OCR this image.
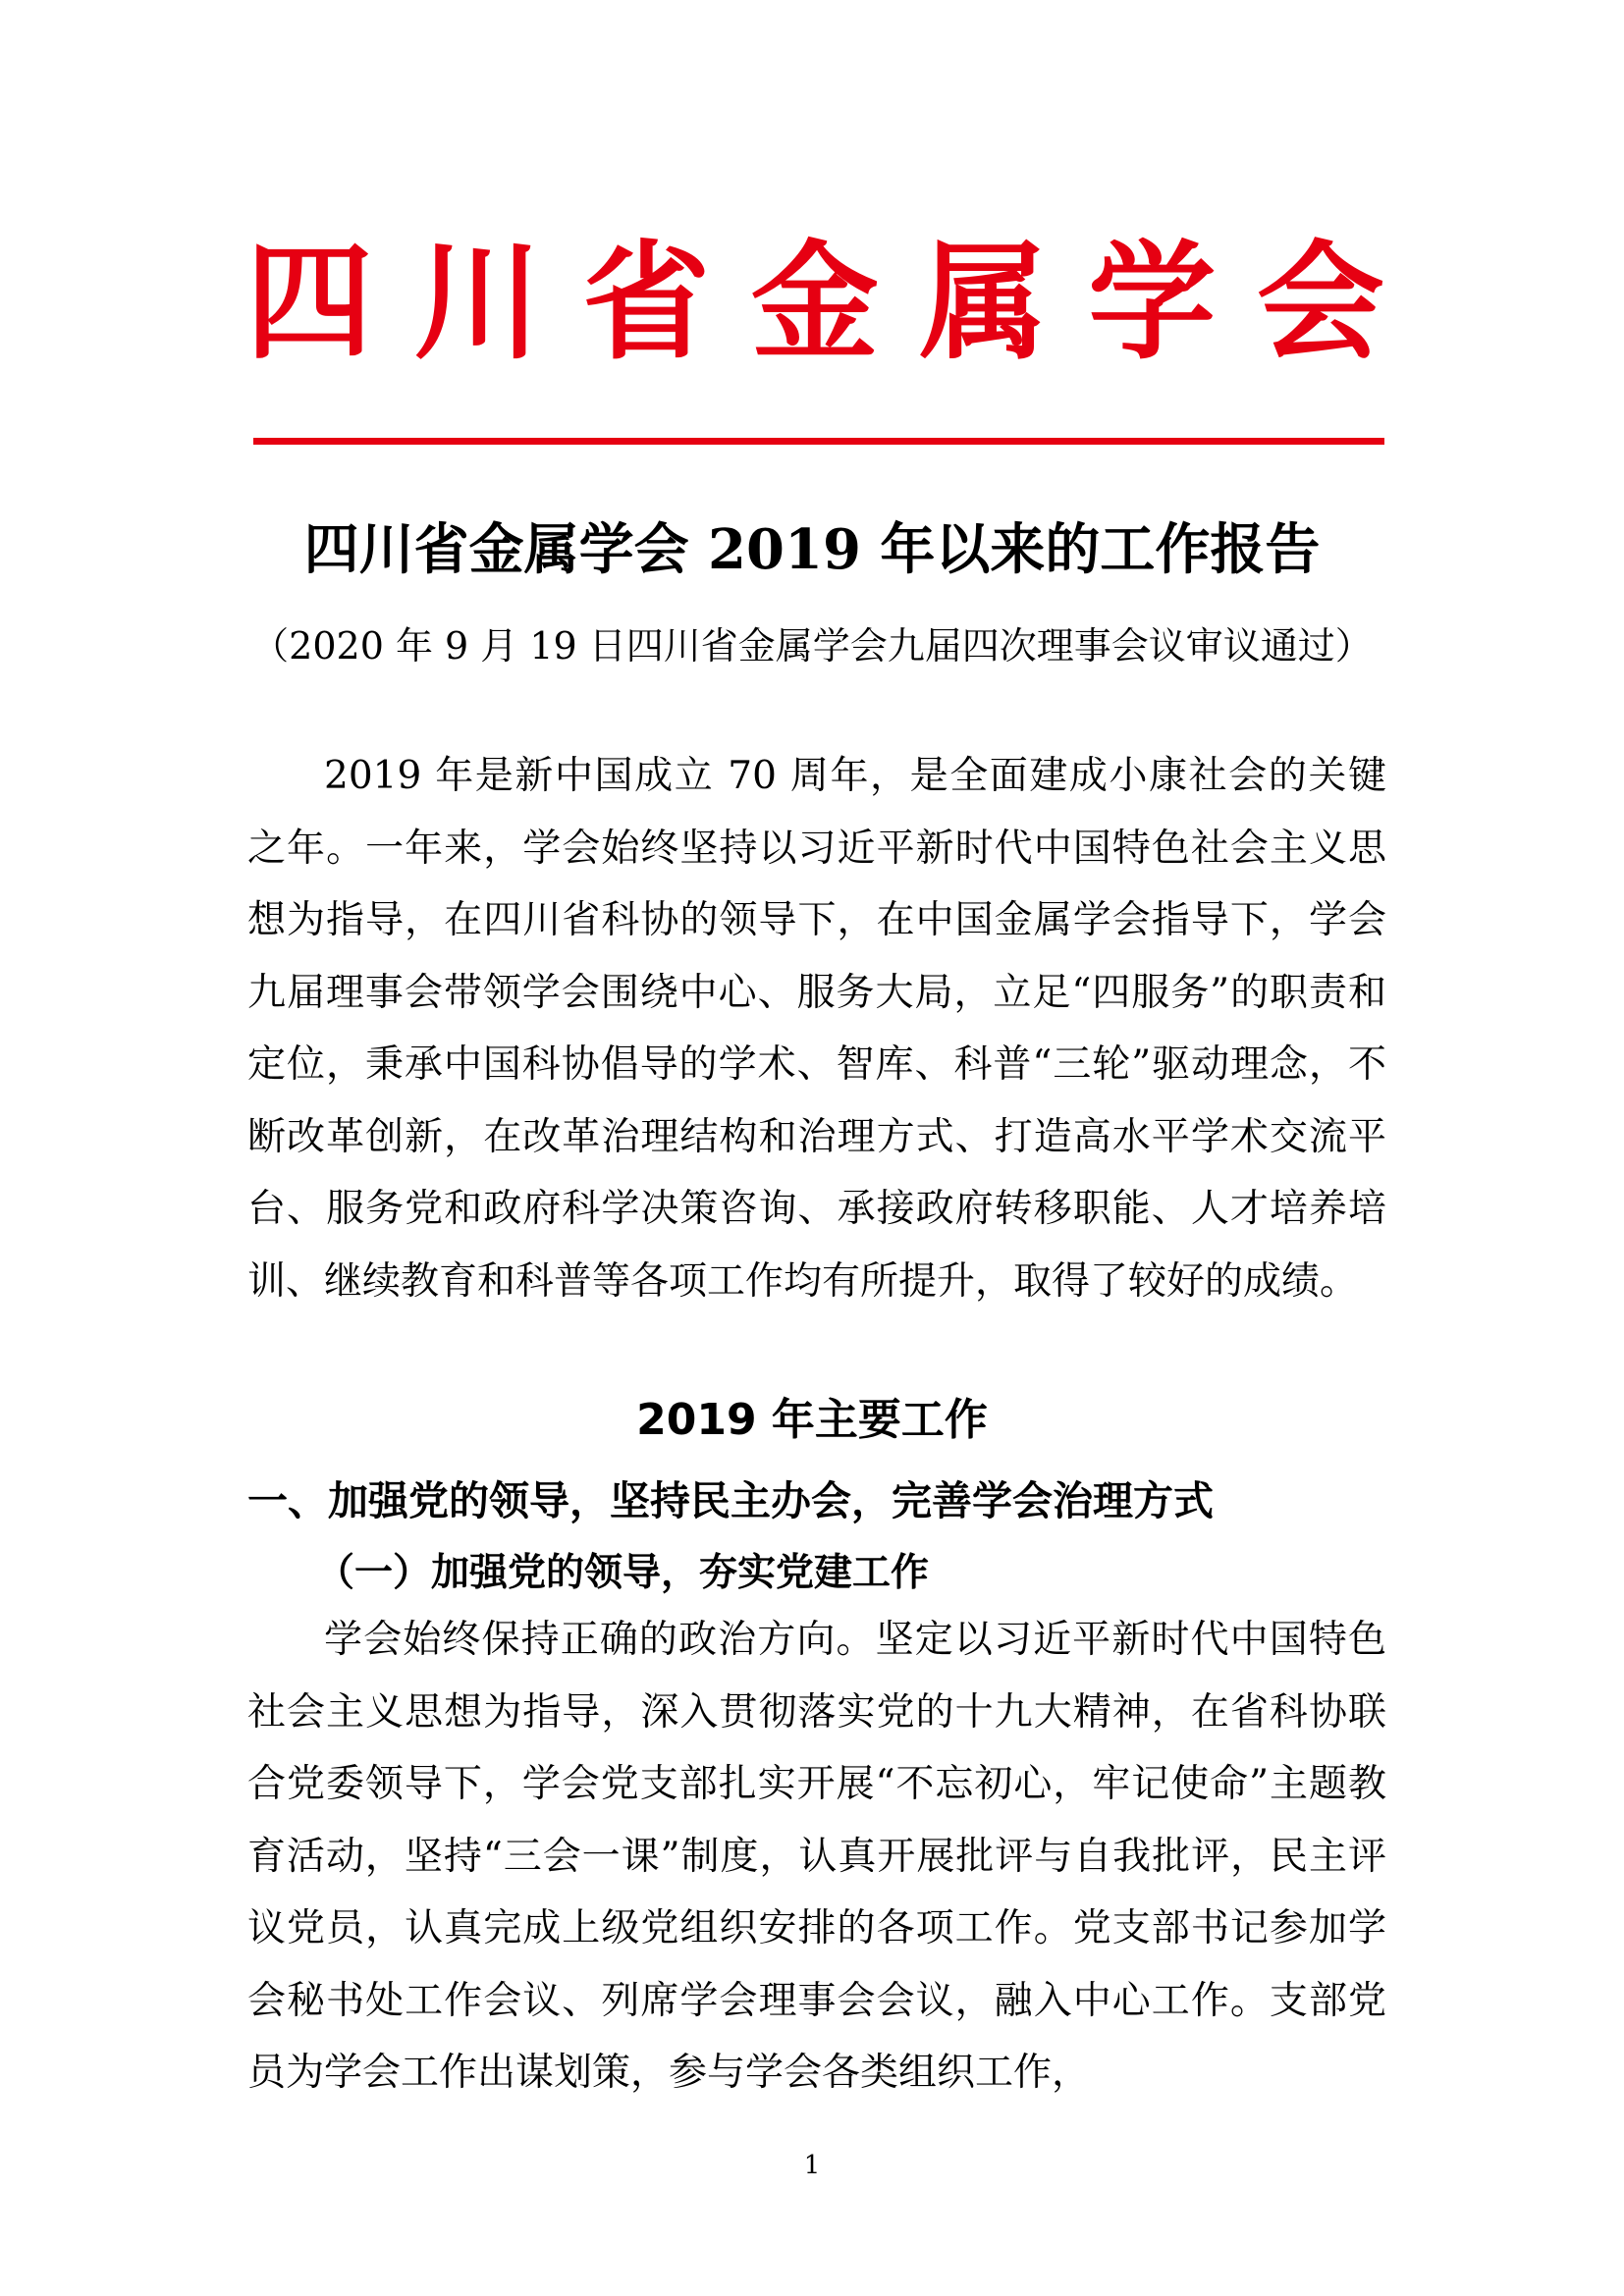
四 川 省 金 属 学 会
四川省金属学会 2019 年以来的工作报告
（2020 年 9 月 19 日四川省金属学会九届四次理事会议审议通过）

2019 年是新中国成立 70 周年，是全面建成小康社会的关键之年。一年来，学会始终坚持以习近平新时代中国特色社会主义思想为指导，在四川省科协的领导下，在中国金属学会指导下，学会九届理事会带领学会围绕中心、服务大局，立足“四服务”的职责和定位，秉承中国科协倡导的学术、智库、科普“三轮”驱动理念，不断改革创新，在改革治理结构和治理方式、打造高水平学术交流平台、服务党和政府科学决策咨询、承接政府转移职能、人才培养培训、继续教育和科普等各项工作均有所提升，取得了较好的成绩。

2019 年主要工作
一、加强党的领导，坚持民主办会，完善学会治理方式
（一）加强党的领导，夯实党建工作

学会始终保持正确的政治方向。坚定以习近平新时代中国特色社会主义思想为指导，深入贯彻落实党的十九大精神，在省科协联合党委领导下，学会党支部扎实开展“不忘初心，牢记使命”主题教育活动，坚持“三会一课”制度，认真开展批评与自我批评，民主评议党员，认真完成上级党组织安排的各项工作。党支部书记参加学会秘书处工作会议、列席学会理事会会议，融入中心工作。支部党员为学会工作出谋划策，参与学会各类组织工作，

1
